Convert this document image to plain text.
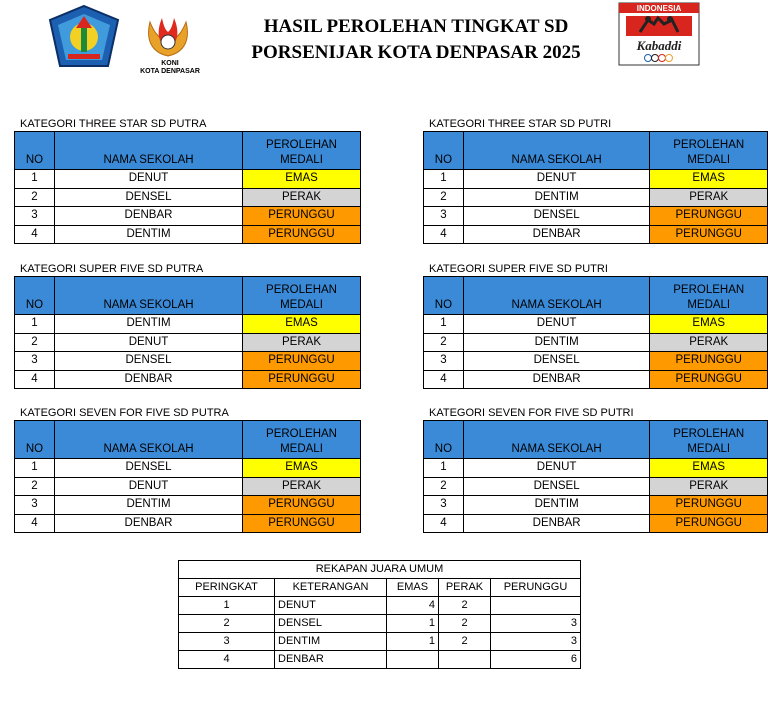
KONI
KOTA DENPASAR
INDONESIA
Kabaddi
HASIL PEROLEHAN TINGKAT SD
PORSENIJAR KOTA DENPASAR 2025
KATEGORI THREE STAR SD PUTRA
NO	NAMA SEKOLAH	PEROLEHAN
MEDALI

1	DENUT	EMAS
2	DENSEL	PERAK
3	DENBAR	PERUNGGU
4	DENTIM	PERUNGGU
KATEGORI THREE STAR SD PUTRI
NO	NAMA SEKOLAH	PEROLEHAN
MEDALI

1	DENUT	EMAS
2	DENTIM	PERAK
3	DENSEL	PERUNGGU
4	DENBAR	PERUNGGU
KATEGORI SUPER FIVE SD PUTRA
NO	NAMA SEKOLAH	PEROLEHAN
MEDALI

1	DENTIM	EMAS
2	DENUT	PERAK
3	DENSEL	PERUNGGU
4	DENBAR	PERUNGGU
KATEGORI SUPER FIVE SD PUTRI
NO	NAMA SEKOLAH	PEROLEHAN
MEDALI

1	DENUT	EMAS
2	DENTIM	PERAK
3	DENSEL	PERUNGGU
4	DENBAR	PERUNGGU
KATEGORI SEVEN FOR FIVE SD PUTRA
NO	NAMA SEKOLAH	PEROLEHAN
MEDALI

1	DENSEL	EMAS
2	DENUT	PERAK
3	DENTIM	PERUNGGU
4	DENBAR	PERUNGGU
KATEGORI SEVEN FOR FIVE SD PUTRI
NO	NAMA SEKOLAH	PEROLEHAN
MEDALI

1	DENUT	EMAS
2	DENSEL	PERAK
3	DENTIM	PERUNGGU
4	DENBAR	PERUNGGU
REKAPAN JUARA UMUM				
PERINGKAT	KETERANGAN	EMAS	PERAK	PERUNGGU
1	DENUT	4	2	
2	DENSEL	1	2	3
3	DENTIM	1	2	3
4	DENBAR			6
